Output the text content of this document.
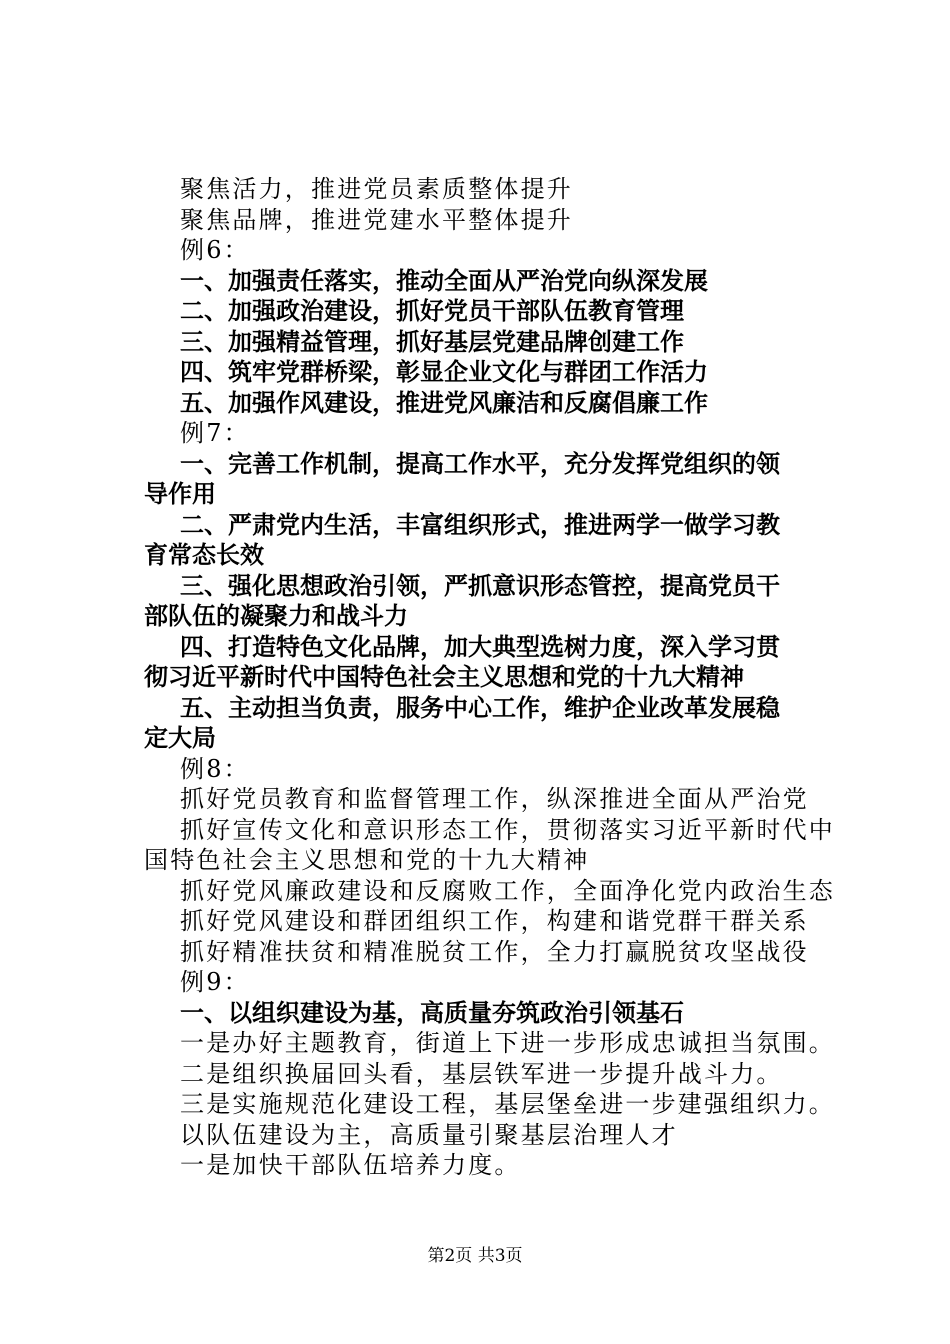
聚焦活力，推进党员素质整体提升
聚焦品牌，推进党建水平整体提升
例6：
一、加强责任落实，推动全面从严治党向纵深发展
二、加强政治建设，抓好党员干部队伍教育管理
三、加强精益管理，抓好基层党建品牌创建工作
四、筑牢党群桥梁，彰显企业文化与群团工作活力
五、加强作风建设，推进党风廉洁和反腐倡廉工作
例7：
一、完善工作机制，提高工作水平，充分发挥党组织的领
导作用
二、严肃党内生活，丰富组织形式，推进两学一做学习教
育常态长效
三、强化思想政治引领，严抓意识形态管控，提高党员干
部队伍的凝聚力和战斗力
四、打造特色文化品牌，加大典型选树力度，深入学习贯
彻习近平新时代中国特色社会主义思想和党的十九大精神
五、主动担当负责，服务中心工作，维护企业改革发展稳
定大局
例8：
抓好党员教育和监督管理工作，纵深推进全面从严治党
抓好宣传文化和意识形态工作，贯彻落实习近平新时代中
国特色社会主义思想和党的十九大精神
抓好党风廉政建设和反腐败工作，全面净化党内政治生态
抓好党风建设和群团组织工作，构建和谐党群干群关系
抓好精准扶贫和精准脱贫工作，全力打赢脱贫攻坚战役
例9：
一、以组织建设为基，高质量夯筑政治引领基石
一是办好主题教育，街道上下进一步形成忠诚担当氛围。
二是组织换届回头看，基层铁军进一步提升战斗力。
三是实施规范化建设工程，基层堡垒进一步建强组织力。
以队伍建设为主，高质量引聚基层治理人才
一是加快干部队伍培养力度。
第2页 共3页
